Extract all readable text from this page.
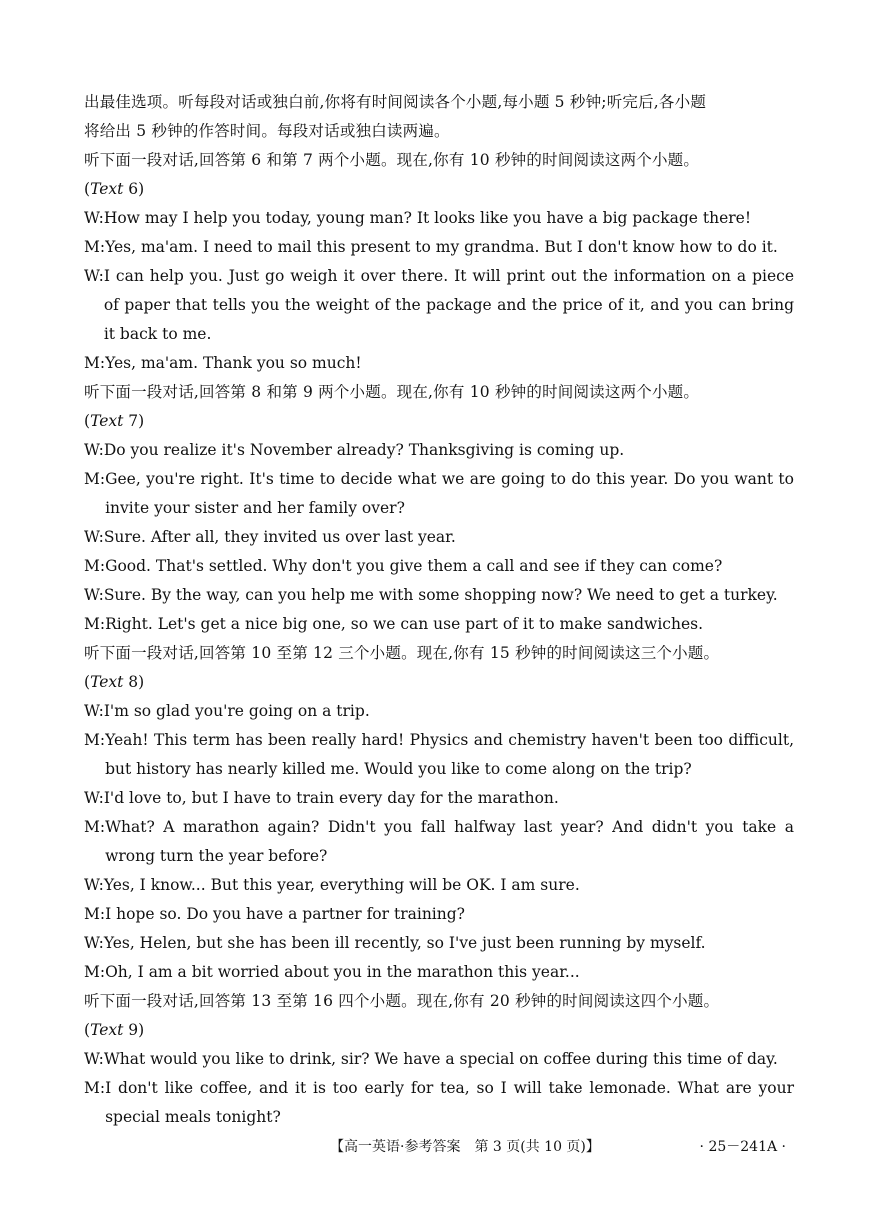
出最佳选项。听每段对话或独白前,你将有时间阅读各个小题,每小题 5 秒钟;听完后,各小题
将给出 5 秒钟的作答时间。每段对话或独白读两遍。
听下面一段对话,回答第 6 和第 7 两个小题。现在,你有 10 秒钟的时间阅读这两个小题。
(Text 6)
W: How may I help you today, young man? It looks like you have a big package there!
M: Yes, ma'am. I need to mail this present to my grandma. But I don't know how to do it.
W: I can help you. Just go weigh it over there. It will print out the information on a piece of paper that tells you the weight of the package and the price of it, and you can bring it back to me.
M: Yes, ma'am. Thank you so much!
听下面一段对话,回答第 8 和第 9 两个小题。现在,你有 10 秒钟的时间阅读这两个小题。
(Text 7)
W: Do you realize it's November already? Thanksgiving is coming up.
M: Gee, you're right. It's time to decide what we are going to do this year. Do you want to invite your sister and her family over?
W: Sure. After all, they invited us over last year.
M: Good. That's settled. Why don't you give them a call and see if they can come?
W: Sure. By the way, can you help me with some shopping now? We need to get a turkey.
M: Right. Let's get a nice big one, so we can use part of it to make sandwiches.
听下面一段对话,回答第 10 至第 12 三个小题。现在,你有 15 秒钟的时间阅读这三个小题。
(Text 8)
W: I'm so glad you're going on a trip.
M: Yeah! This term has been really hard! Physics and chemistry haven't been too difficult, but history has nearly killed me. Would you like to come along on the trip?
W: I'd love to, but I have to train every day for the marathon.
M: What? A marathon again? Didn't you fall halfway last year? And didn't you take a wrong turn the year before?
W: Yes, I know... But this year, everything will be OK. I am sure.
M: I hope so. Do you have a partner for training?
W: Yes, Helen, but she has been ill recently, so I've just been running by myself.
M: Oh, I am a bit worried about you in the marathon this year...
听下面一段对话,回答第 13 至第 16 四个小题。现在,你有 20 秒钟的时间阅读这四个小题。
(Text 9)
W: What would you like to drink, sir? We have a special on coffee during this time of day.
M: I don't like coffee, and it is too early for tea, so I will take lemonade. What are your special meals tonight?
【高一英语·参考答案　第 3 页(共 10 页)】	· 25－241A ·
